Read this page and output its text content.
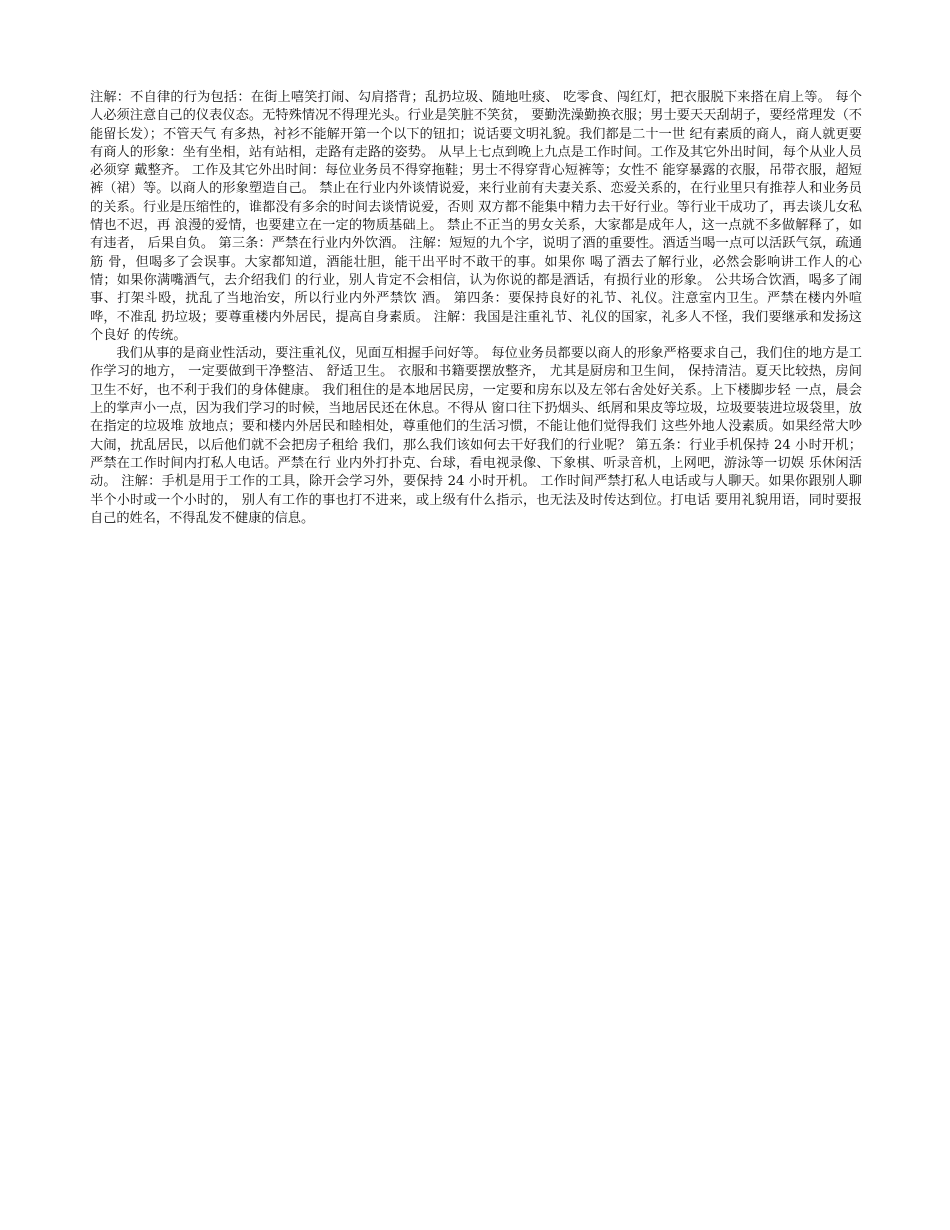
注解：不自律的行为包括：在街上嘻笑打闹、勾肩搭背；乱扔垃圾、随地吐痰、 吃零食、闯红灯，把衣服脱下来搭在肩上等。 每个人必须注意自己的仪表仪态。无特殊情况不得理光头。行业是笑脏不笑贫， 要勤洗澡勤换衣服；男士要天天刮胡子，要经常理发（不能留长发）；不管天气 有多热，衬衫不能解开第一个以下的钮扣；说话要文明礼貌。我们都是二十一世 纪有素质的商人，商人就更要有商人的形象：坐有坐相，站有站相，走路有走路的姿势。 从早上七点到晚上九点是工作时间。工作及其它外出时间，每个从业人员必须穿 戴整齐。 工作及其它外出时间：每位业务员不得穿拖鞋；男士不得穿背心短裤等；女性不 能穿暴露的衣服，吊带衣服，超短裤（裙）等。以商人的形象塑造自己。 禁止在行业内外谈情说爱，来行业前有夫妻关系、恋爱关系的，在行业里只有推荐人和业务员的关系。行业是压缩性的，谁都没有多余的时间去谈情说爱，否则 双方都不能集中精力去干好行业。等行业干成功了，再去谈儿女私情也不迟，再 浪漫的爱情，也要建立在一定的物质基础上。 禁止不正当的男女关系，大家都是成年人，这一点就不多做解释了，如有违者， 后果自负。 第三条：严禁在行业内外饮酒。 注解：短短的九个字，说明了酒的重要性。酒适当喝一点可以活跃气氛，疏通筋 骨，但喝多了会误事。大家都知道，酒能壮胆，能干出平时不敢干的事。如果你 喝了酒去了解行业，必然会影响讲工作人的心情；如果你满嘴酒气，去介绍我们 的行业，别人肯定不会相信，认为你说的都是酒话，有损行业的形象。 公共场合饮酒，喝多了闹事、打架斗殴，扰乱了当地治安，所以行业内外严禁饮 酒。 第四条：要保持良好的礼节、礼仪。注意室内卫生。严禁在楼内外喧哗，不准乱 扔垃圾；要尊重楼内外居民，提高自身素质。 注解：我国是注重礼节、礼仪的国家，礼多人不怪，我们要继承和发扬这个良好 的传统。

我们从事的是商业性活动，要注重礼仪，见面互相握手问好等。 每位业务员都要以商人的形象严格要求自己，我们住的地方是工作学习的地方， 一定要做到干净整洁、 舒适卫生。 衣服和书籍要摆放整齐， 尤其是厨房和卫生间， 保持清洁。夏天比较热，房间卫生不好，也不利于我们的身体健康。 我们租住的是本地居民房，一定要和房东以及左邻右舍处好关系。上下楼脚步轻 一点，晨会上的掌声小一点，因为我们学习的时候，当地居民还在休息。不得从 窗口往下扔烟头、纸屑和果皮等垃圾，垃圾要装进垃圾袋里，放在指定的垃圾堆 放地点；要和楼内外居民和睦相处，尊重他们的生活习惯，不能让他们觉得我们 这些外地人没素质。如果经常大吵大闹，扰乱居民，以后他们就不会把房子租给 我们，那么我们该如何去干好我们的行业呢？ 第五条：行业手机保持 24 小时开机；严禁在工作时间内打私人电话。严禁在行 业内外打扑克、台球，看电视录像、下象棋、听录音机，上网吧，游泳等一切娱 乐休闲活动。 注解：手机是用于工作的工具，除开会学习外，要保持 24 小时开机。 工作时间严禁打私人电话或与人聊天。如果你跟别人聊半个小时或一个小时的， 别人有工作的事也打不进来，或上级有什么指示，也无法及时传达到位。打电话 要用礼貌用语，同时要报自己的姓名，不得乱发不健康的信息。
